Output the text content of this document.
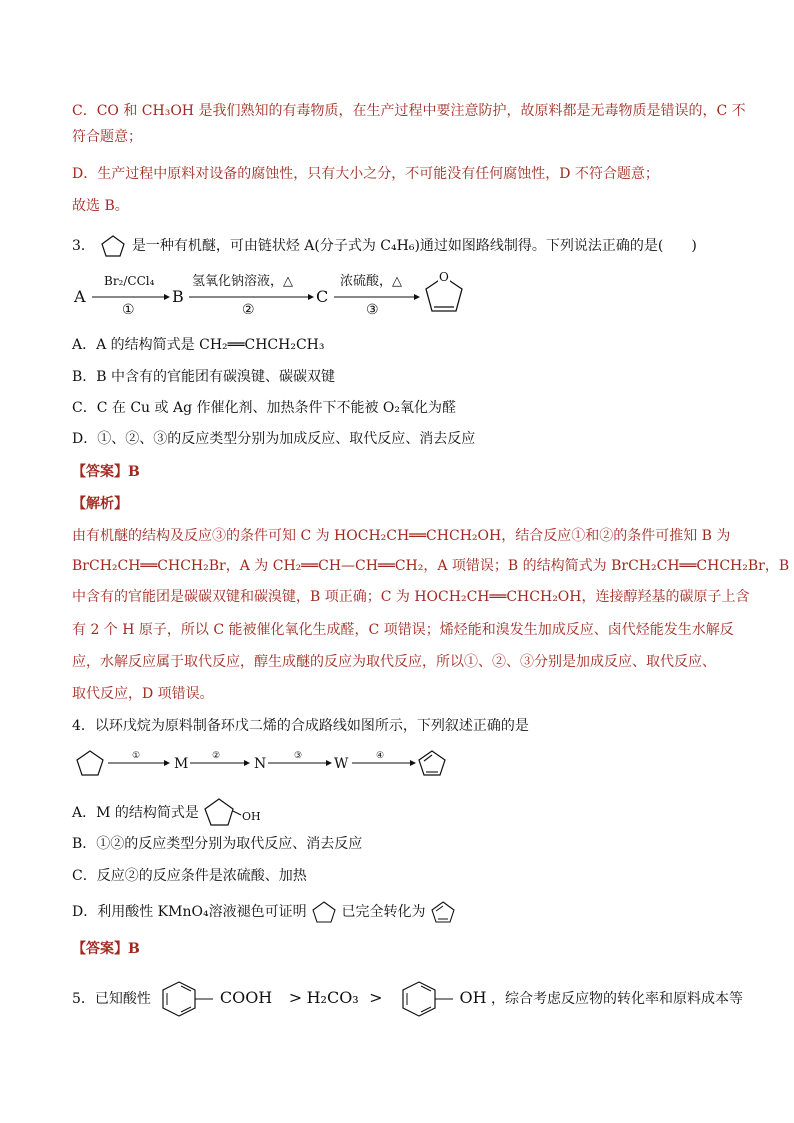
C．CO 和 CH₃OH 是我们熟知的有毒物质，在生产过程中要注意防护，故原料都是无毒物质是错误的，C 不
符合题意；
D．生产过程中原料对设备的腐蚀性，只有大小之分，不可能没有任何腐蚀性，D 不符合题意；
故选 B。
3．	是一种有机醚，可由链状烃 A(分子式为 C₄H₆)通过如图路线制得。下列说法正确的是(　　)
A
Br₂/CCl₄
①
B
氢氧化钠溶液，△
②
C
浓硫酸，△
③
O
A．A 的结构简式是 CH₂══CHCH₂CH₃
B．B 中含有的官能团有碳溴键、碳碳双键
C．C 在 Cu 或 Ag 作催化剂、加热条件下不能被 O₂氧化为醛
D．①、②、③的反应类型分别为加成反应、取代反应、消去反应
【答案】B
【解析】
由有机醚的结构及反应③的条件可知 C 为 HOCH₂CH══CHCH₂OH，结合反应①和②的条件可推知 B 为
BrCH₂CH══CHCH₂Br，A 为 CH₂══CH—CH══CH₂，A 项错误；B 的结构简式为 BrCH₂CH══CHCH₂Br，B
中含有的官能团是碳碳双键和碳溴键，B 项正确；C 为 HOCH₂CH══CHCH₂OH，连接醇羟基的碳原子上含
有 2 个 H 原子，所以 C 能被催化氧化生成醛，C 项错误；烯烃能和溴发生加成反应、卤代烃能发生水解反
应，水解反应属于取代反应，醇生成醚的反应为取代反应，所以①、②、③分别是加成反应、取代反应、
取代反应，D 项错误。
4．以环戊烷为原料制备环戊二烯的合成路线如图所示，下列叙述正确的是
① M	② N	③ W	④
A．M 的结构简式是	OH
B．①②的反应类型分别为取代反应、消去反应
C．反应②的反应条件是浓硫酸、加热
D．利用酸性 KMnO₄溶液褪色可证明 已完全转化为
【答案】B
5．已知酸性	COOH > H₂CO₃ >	OH ，综合考虑反应物的转化率和原料成本等
